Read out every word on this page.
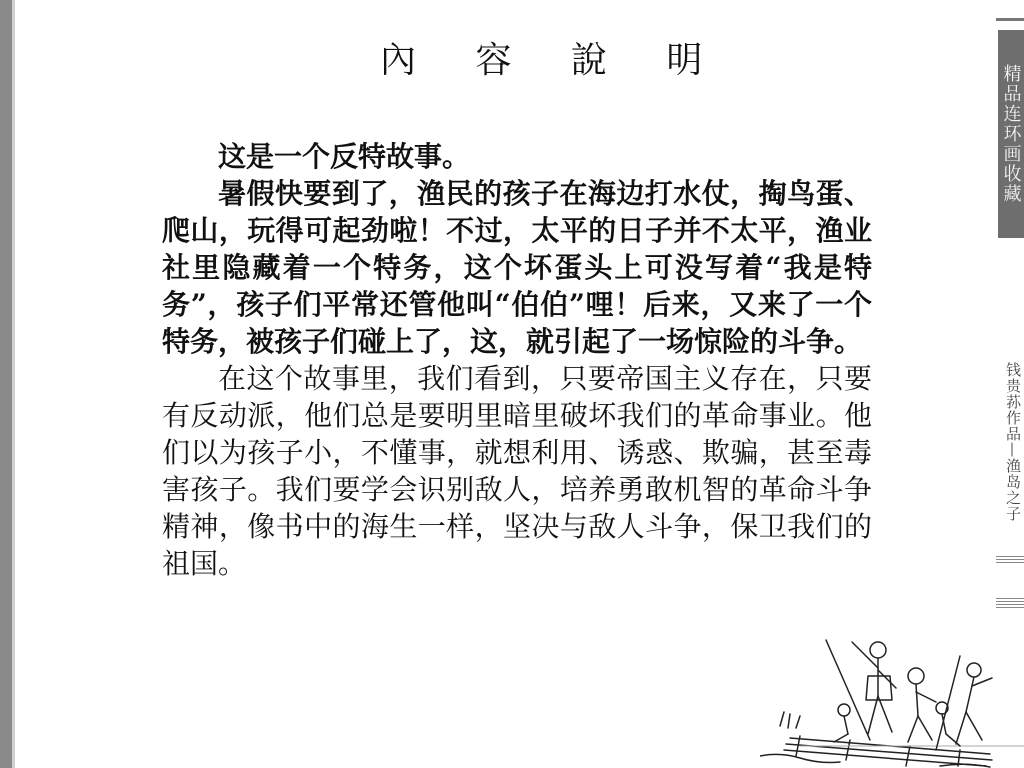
內 容 說 明

这是一个反特故事。

暑假快要到了，渔民的孩子在海边打水仗，掏鸟蛋、爬山，玩得可起劲啦！不过，太平的日子并不太平，渔业社里隐藏着一个特务，这个坏蛋头上可没写着“我是特务”，孩子们平常还管他叫“伯伯”哩！后来，又来了一个特务，被孩子们碰上了，这，就引起了一场惊险的斗争。

在这个故事里，我们看到，只要帝国主义存在，只要有反动派，他们总是要明里暗里破坏我们的革命事业。他们以为孩子小，不懂事，就想利用、诱惑、欺骗，甚至毒害孩子。我们要学会识别敌人，培养勇敢机智的革命斗争精神，像书中的海生一样，坚决与敌人斗争，保卫我们的祖国。

精品连环画收藏
钱贵荪作品—渔岛之子
